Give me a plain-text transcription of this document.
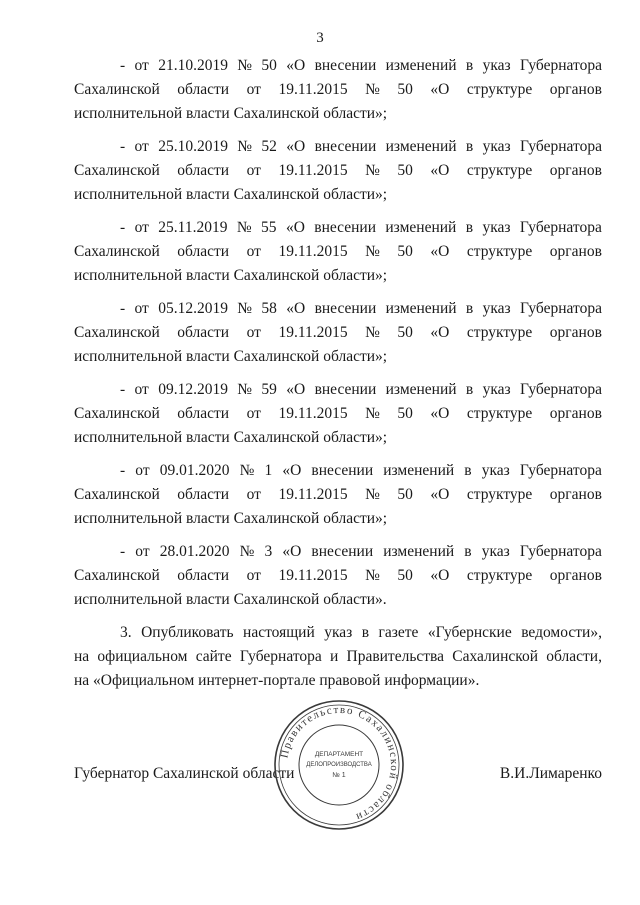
3
- от 21.10.2019 № 50 «О внесении изменений в указ Губернатора
Сахалинской области от 19.11.2015 № 50 «О структуре органов
исполнительной власти Сахалинской области»;
- от 25.10.2019 № 52 «О внесении изменений в указ Губернатора
Сахалинской области от 19.11.2015 № 50 «О структуре органов
исполнительной власти Сахалинской области»;
- от 25.11.2019 № 55 «О внесении изменений в указ Губернатора
Сахалинской области от 19.11.2015 № 50 «О структуре органов
исполнительной власти Сахалинской области»;
- от 05.12.2019 № 58 «О внесении изменений в указ Губернатора
Сахалинской области от 19.11.2015 № 50 «О структуре органов
исполнительной власти Сахалинской области»;
- от 09.12.2019 № 59 «О внесении изменений в указ Губернатора
Сахалинской области от 19.11.2015 № 50 «О структуре органов
исполнительной власти Сахалинской области»;
- от 09.01.2020 № 1 «О внесении изменений в указ Губернатора
Сахалинской области от 19.11.2015 № 50 «О структуре органов
исполнительной власти Сахалинской области»;
- от 28.01.2020 № 3 «О внесении изменений в указ Губернатора
Сахалинской области от 19.11.2015 № 50 «О структуре органов
исполнительной власти Сахалинской области».
3. Опубликовать настоящий указ в газете «Губернские ведомости»,
на официальном сайте Губернатора и Правительства Сахалинской области,
на «Официальном интернет-портале правовой информации».
Губернатор Сахалинской области	В.И.Лимаренко
Правительство Сахалинской области
ДЕПАРТАМЕНТ
ДЕЛОПРОИЗВОДСТВА
№ 1
